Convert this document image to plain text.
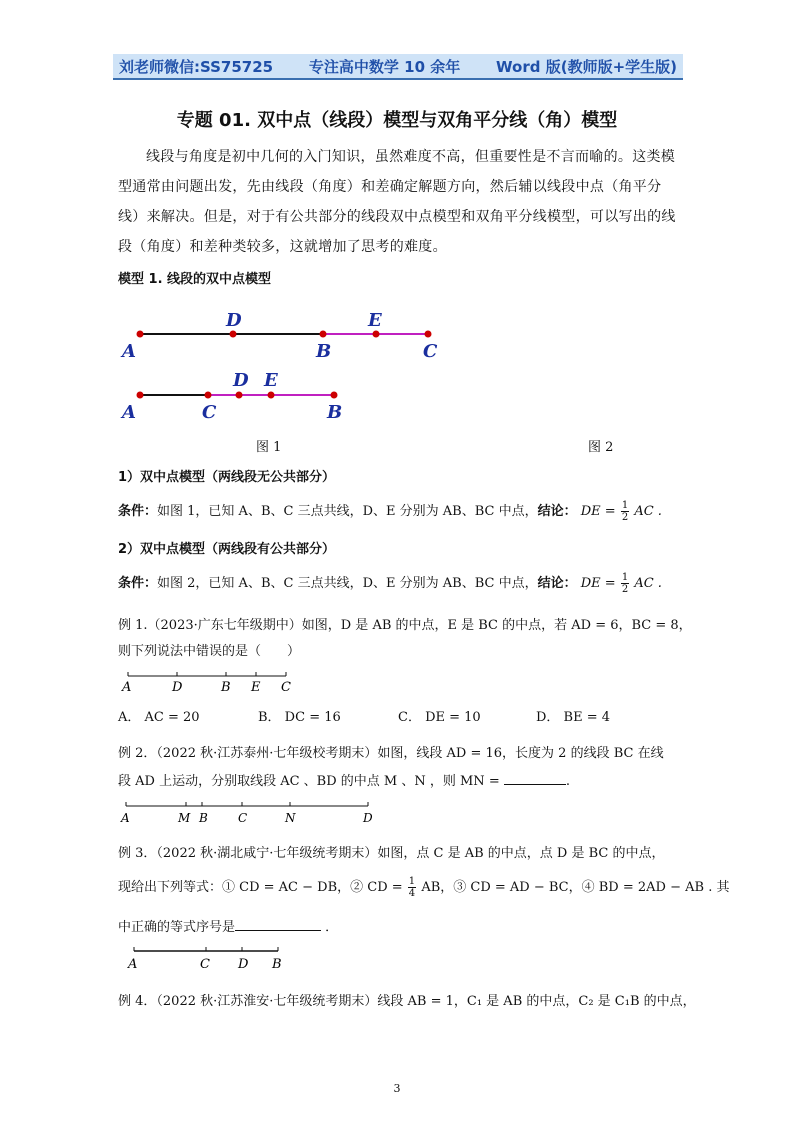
刘老师微信:SS75725 专注高中数学 10 余年 Word 版(教师版+学生版)
专题 01. 双中点（线段）模型与双角平分线（角）模型
线段与角度是初中几何的入门知识，虽然难度不高，但重要性是不言而喻的。这类模型通常由问题出发，先由线段（角度）和差确定解题方向，然后辅以线段中点（角平分线）来解决。但是，对于有公共部分的线段双中点模型和双角平分线模型，可以写出的线段（角度）和差种类较多，这就增加了思考的难度。
模型 1. 线段的双中点模型
A
D
B
E
C
A	C
D E
B
图 1	图 2
1）双中点模型（两线段无公共部分）
条件：如图 1，已知 A、B、C 三点共线，D、E 分别为 AB、BC 中点，结论： DE = $\frac{1}{2}$ AC .
2）双中点模型（两线段有公共部分）
条件：如图 2，已知 A、B、C 三点共线，D、E 分别为 AB、BC 中点，结论： DE = $\frac{1}{2}$ AC .
例 1.（2023·广东七年级期中）如图，D 是 AB 的中点，E 是 BC 的中点，若 AD = 6，BC = 8，
则下列说法中错误的是（　　）
A	D	B E C
A． AC = 20	B． DC = 16	C． DE = 10	D． BE = 4
例 2．（2022 秋·江苏泰州·七年级校考期末）如图，线段 AD = 16，长度为 2 的线段 BC 在线
段 AD 上运动，分别取线段 AC 、BD 的中点 M 、N ，则 MN =	.
A	M B	C	N	D
例 3．（2022 秋·湖北咸宁·七年级统考期末）如图，点 C 是 AB 的中点，点 D 是 BC 的中点，
现给出下列等式：① CD = AC − DB，② CD = $\frac{1}{4}$ AB，③ CD = AD − BC，④ BD = 2AD − AB . 其
中正确的等式序号是	．
A	C D B
例 4．（2022 秋·江苏淮安·七年级统考期末）线段 AB = 1，C₁ 是 AB 的中点，C₂ 是 C₁B 的中点，
3
